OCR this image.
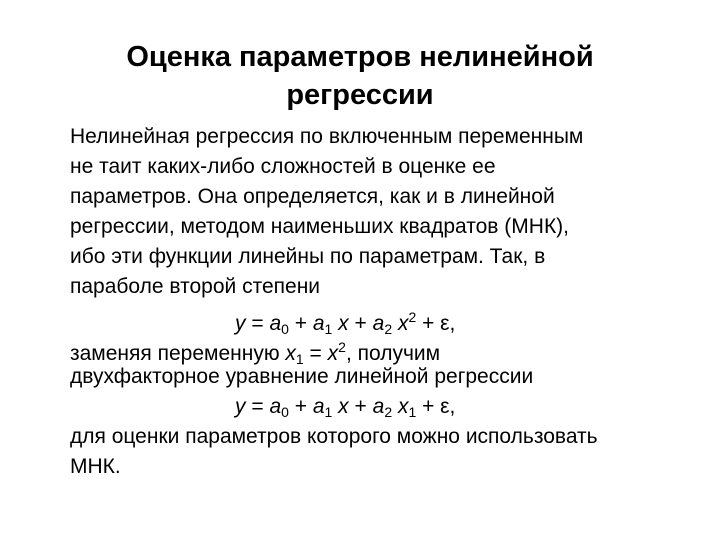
Оценка параметров нелинейной
регрессии
Нелинейная регрессия по включенным переменным
не таит каких-либо сложностей в оценке ее
параметров. Она определяется, как и в линейной
регрессии, методом наименьших квадратов (МНК),
ибо эти функции линейны по параметрам. Так, в
параболе второй степени
$y = a_0 + a_1$ $x + a_2$ $x^2 + \varepsilon$,
заменяя переменную $x_1 = x^2$, получим
двухфакторное уравнение линейной регрессии
$y = a_0 + a_1$ $x + a_2$ $x_1 + \varepsilon$,
для оценки параметров которого можно использовать
МНК.
